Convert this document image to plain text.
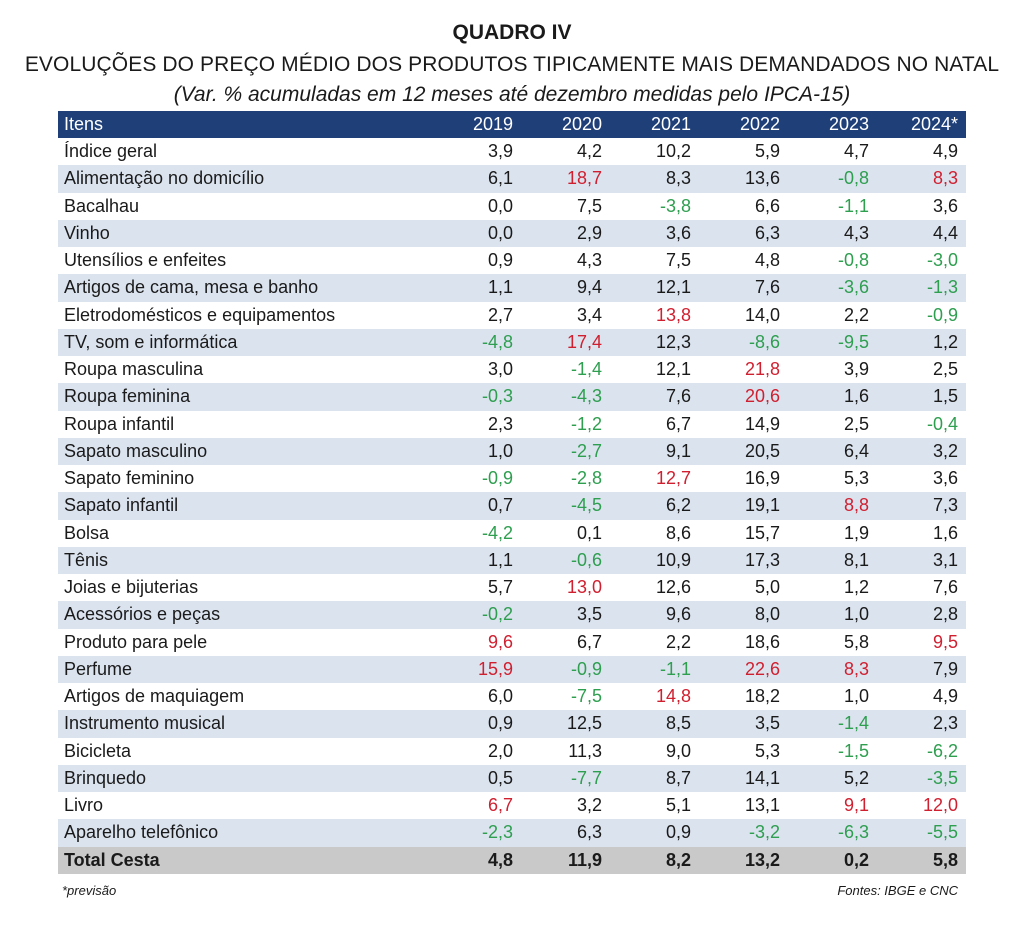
QUADRO IV
EVOLUÇÕES DO PREÇO MÉDIO DOS PRODUTOS TIPICAMENTE MAIS DEMANDADOS NO NATAL
(Var. % acumuladas em 12 meses até dezembro medidas pelo IPCA-15)
Itens	2019	2020	2021	2022	2023	2024*
Índice geral	3,9	4,2	10,2	5,9	4,7	4,9
Alimentação no domicílio	6,1	18,7	8,3	13,6	-0,8	8,3
Bacalhau	0,0	7,5	-3,8	6,6	-1,1	3,6
Vinho	0,0	2,9	3,6	6,3	4,3	4,4
Utensílios e enfeites	0,9	4,3	7,5	4,8	-0,8	-3,0
Artigos de cama, mesa e banho	1,1	9,4	12,1	7,6	-3,6	-1,3
Eletrodomésticos e equipamentos	2,7	3,4	13,8	14,0	2,2	-0,9
TV, som e informática	-4,8	17,4	12,3	-8,6	-9,5	1,2
Roupa masculina	3,0	-1,4	12,1	21,8	3,9	2,5
Roupa feminina	-0,3	-4,3	7,6	20,6	1,6	1,5
Roupa infantil	2,3	-1,2	6,7	14,9	2,5	-0,4
Sapato masculino	1,0	-2,7	9,1	20,5	6,4	3,2
Sapato feminino	-0,9	-2,8	12,7	16,9	5,3	3,6
Sapato infantil	0,7	-4,5	6,2	19,1	8,8	7,3
Bolsa	-4,2	0,1	8,6	15,7	1,9	1,6
Tênis	1,1	-0,6	10,9	17,3	8,1	3,1
Joias e bijuterias	5,7	13,0	12,6	5,0	1,2	7,6
Acessórios e peças	-0,2	3,5	9,6	8,0	1,0	2,8
Produto para pele	9,6	6,7	2,2	18,6	5,8	9,5
Perfume	15,9	-0,9	-1,1	22,6	8,3	7,9
Artigos de maquiagem	6,0	-7,5	14,8	18,2	1,0	4,9
Instrumento musical	0,9	12,5	8,5	3,5	-1,4	2,3
Bicicleta	2,0	11,3	9,0	5,3	-1,5	-6,2
Brinquedo	0,5	-7,7	8,7	14,1	5,2	-3,5
Livro	6,7	3,2	5,1	13,1	9,1	12,0
Aparelho telefônico	-2,3	6,3	0,9	-3,2	-6,3	-5,5
Total Cesta	4,8	11,9	8,2	13,2	0,2	5,8
*previsão	Fontes: IBGE e CNC
